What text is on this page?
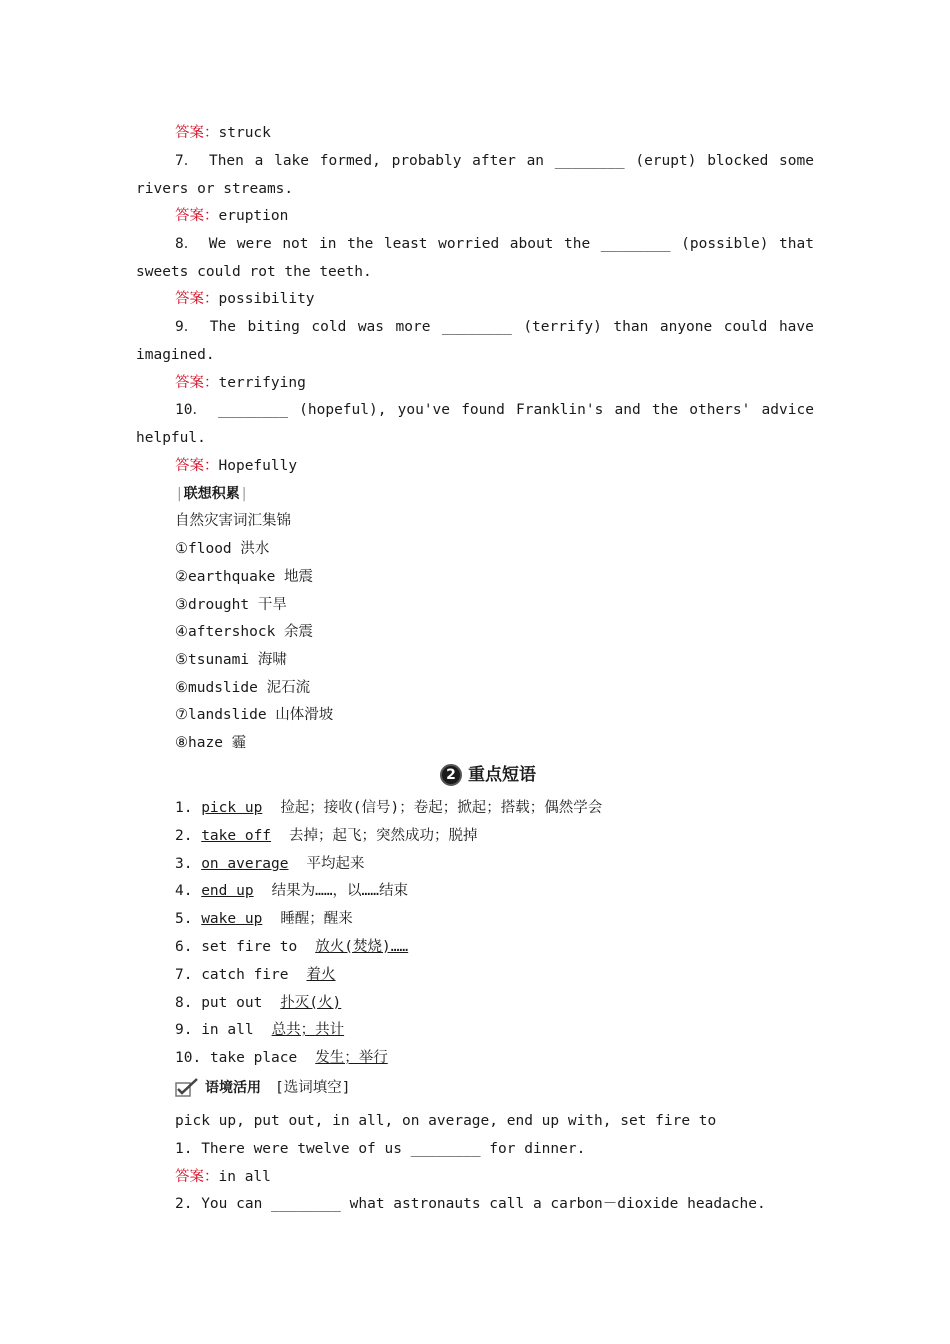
答案：struck
7． Then a lake formed, probably after an ________ (erupt) blocked some
rivers or streams.
答案：eruption
8． We were not in the least worried about the ________ (possible) that
sweets could rot the teeth.
答案：possibility
9． The biting cold was more ________ (terrify) than anyone could have
imagined.
答案：terrifying
10． ________ (hopeful), you've found Franklin's and the others' advice
helpful.
答案：Hopefully
| 联想积累 |
自然灾害词汇集锦
①flood 洪水
②earthquake 地震
③drought 干旱
④aftershock 余震
⑤tsunami 海啸
⑥mudslide 泥石流
⑦landslide 山体滑坡
⑧haze 霾
2 重点短语
1. pick up 捡起；接收(信号)；卷起；掀起；搭载；偶然学会
2. take off 去掉；起飞；突然成功；脱掉
3. on average 平均起来
4. end up 结果为……，以……结束
5. wake up 睡醒；醒来
6. set fire to 放火(焚烧)……
7. catch fire 着火
8. put out 扑灭(火)
9. in all 总共；共计
10. take place 发生；举行
语境活用 [选词填空]
pick up, put out, in all, on average, end up with, set fire to
1. There were twelve of us ________ for dinner.
答案：in all
2. You can ________ what astronauts call a carbon－dioxide headache.
